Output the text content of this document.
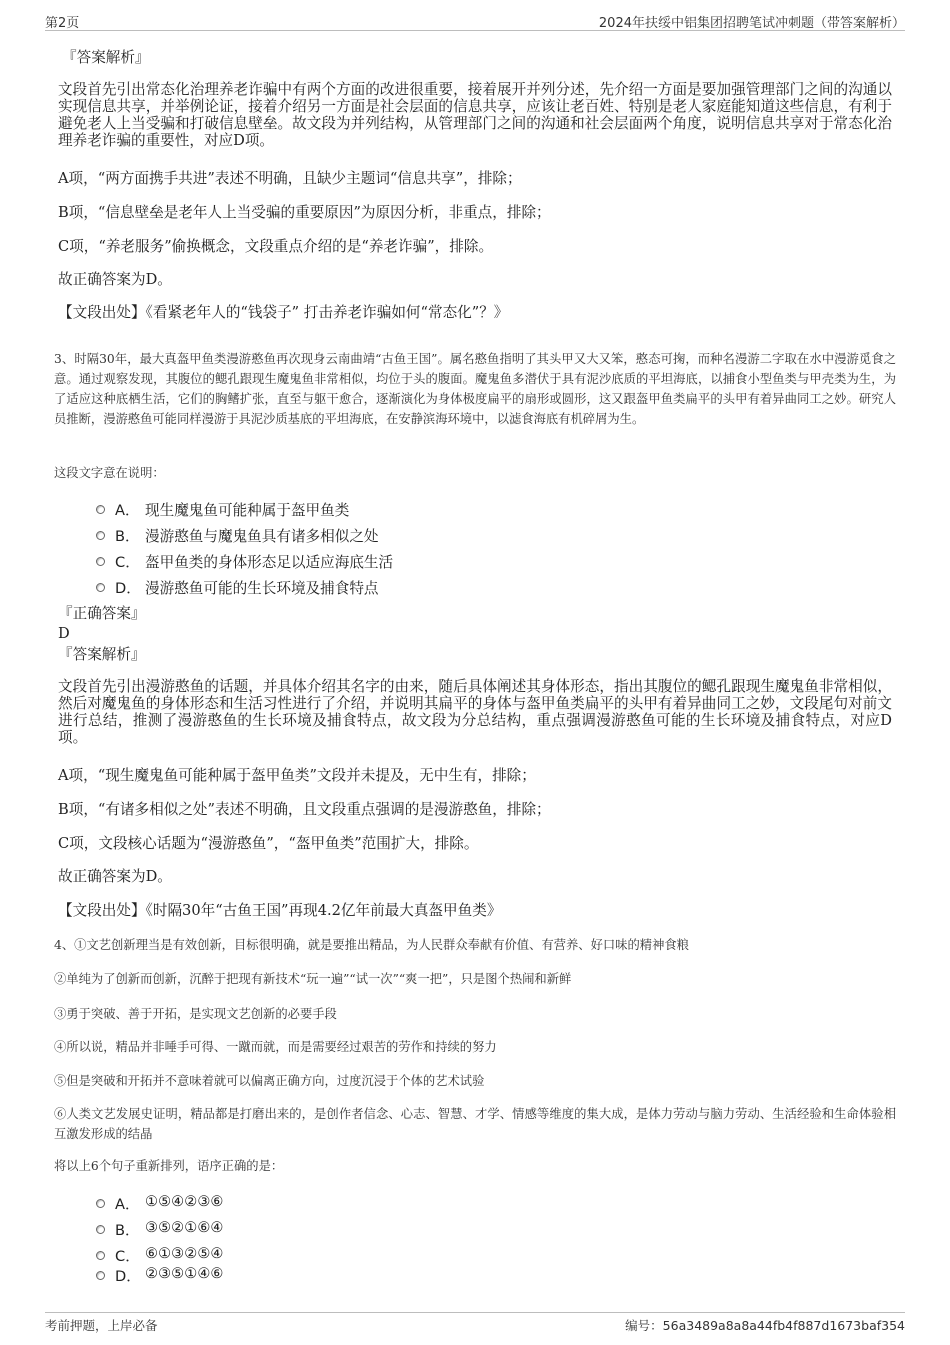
第2页	2024年扶绥中铝集团招聘笔试冲刺题（带答案解析）
『答案解析』
文段首先引出常态化治理养老诈骗中有两个方面的改进很重要，接着展开并列分述，先介绍一方面是要加强管理部门之间的沟通以实现信息共享，并举例论证，接着介绍另一方面是社会层面的信息共享，应该让老百姓、特别是老人家庭能知道这些信息，有利于避免老人上当受骗和打破信息壁垒。故文段为并列结构，从管理部门之间的沟通和社会层面两个角度，说明信息共享对于常态化治理养老诈骗的重要性，对应D项。
A项，“两方面携手共进”表述不明确，且缺少主题词“信息共享”，排除；
B项，“信息壁垒是老年人上当受骗的重要原因”为原因分析，非重点，排除；
C项，“养老服务”偷换概念，文段重点介绍的是“养老诈骗”，排除。
故正确答案为D。
【文段出处】《看紧老年人的“钱袋子” 打击养老诈骗如何“常态化”？》
3、时隔30年，最大真盔甲鱼类漫游憨鱼再次现身云南曲靖“古鱼王国”。属名憨鱼指明了其头甲又大又笨，憨态可掬，而种名漫游二字取在水中漫游觅食之意。通过观察发现，其腹位的鳃孔跟现生魔鬼鱼非常相似，均位于头的腹面。魔鬼鱼多潜伏于具有泥沙底质的平坦海底，以捕食小型鱼类与甲壳类为生，为了适应这种底栖生活，它们的胸鳍扩张，直至与躯干愈合，逐渐演化为身体极度扁平的扇形或圆形，这又跟盔甲鱼类扁平的头甲有着异曲同工之妙。研究人员推断，漫游憨鱼可能同样漫游于具泥沙质基底的平坦海底，在安静滨海环境中，以滤食海底有机碎屑为生。
这段文字意在说明：
A． 现生魔鬼鱼可能种属于盔甲鱼类
B． 漫游憨鱼与魔鬼鱼具有诸多相似之处
C． 盔甲鱼类的身体形态足以适应海底生活
D． 漫游憨鱼可能的生长环境及捕食特点
『正确答案』
D
『答案解析』
文段首先引出漫游憨鱼的话题，并具体介绍其名字的由来，随后具体阐述其身体形态，指出其腹位的鳃孔跟现生魔鬼鱼非常相似，然后对魔鬼鱼的身体形态和生活习性进行了介绍，并说明其扁平的身体与盔甲鱼类扁平的头甲有着异曲同工之妙，文段尾句对前文进行总结，推测了漫游憨鱼的生长环境及捕食特点，故文段为分总结构，重点强调漫游憨鱼可能的生长环境及捕食特点，对应D项。
A项，“现生魔鬼鱼可能种属于盔甲鱼类”文段并未提及，无中生有，排除；
B项，“有诸多相似之处”表述不明确，且文段重点强调的是漫游憨鱼，排除；
C项，文段核心话题为“漫游憨鱼”，“盔甲鱼类”范围扩大，排除。
故正确答案为D。
【文段出处】《时隔30年“古鱼王国”再现4.2亿年前最大真盔甲鱼类》
4、①文艺创新理当是有效创新，目标很明确，就是要推出精品，为人民群众奉献有价值、有营养、好口味的精神食粮
②单纯为了创新而创新，沉醉于把现有新技术“玩一遍”“试一次”“爽一把”，只是图个热闹和新鲜
③勇于突破、善于开拓，是实现文艺创新的必要手段
④所以说，精品并非唾手可得、一蹴而就，而是需要经过艰苦的劳作和持续的努力
⑤但是突破和开拓并不意味着就可以偏离正确方向，过度沉浸于个体的艺术试验
⑥人类文艺发展史证明，精品都是打磨出来的，是创作者信念、心志、智慧、才学、情感等维度的集大成，是体力劳动与脑力劳动、生活经验和生命体验相互激发形成的结晶
将以上6个句子重新排列，语序正确的是：
A． ①⑤④②③⑥
B． ③⑤②①⑥④
C． ⑥①③②⑤④
D． ②③⑤①④⑥
考前押题，上岸必备	编号：56a3489a8a8a44fb4f887d1673baf354
